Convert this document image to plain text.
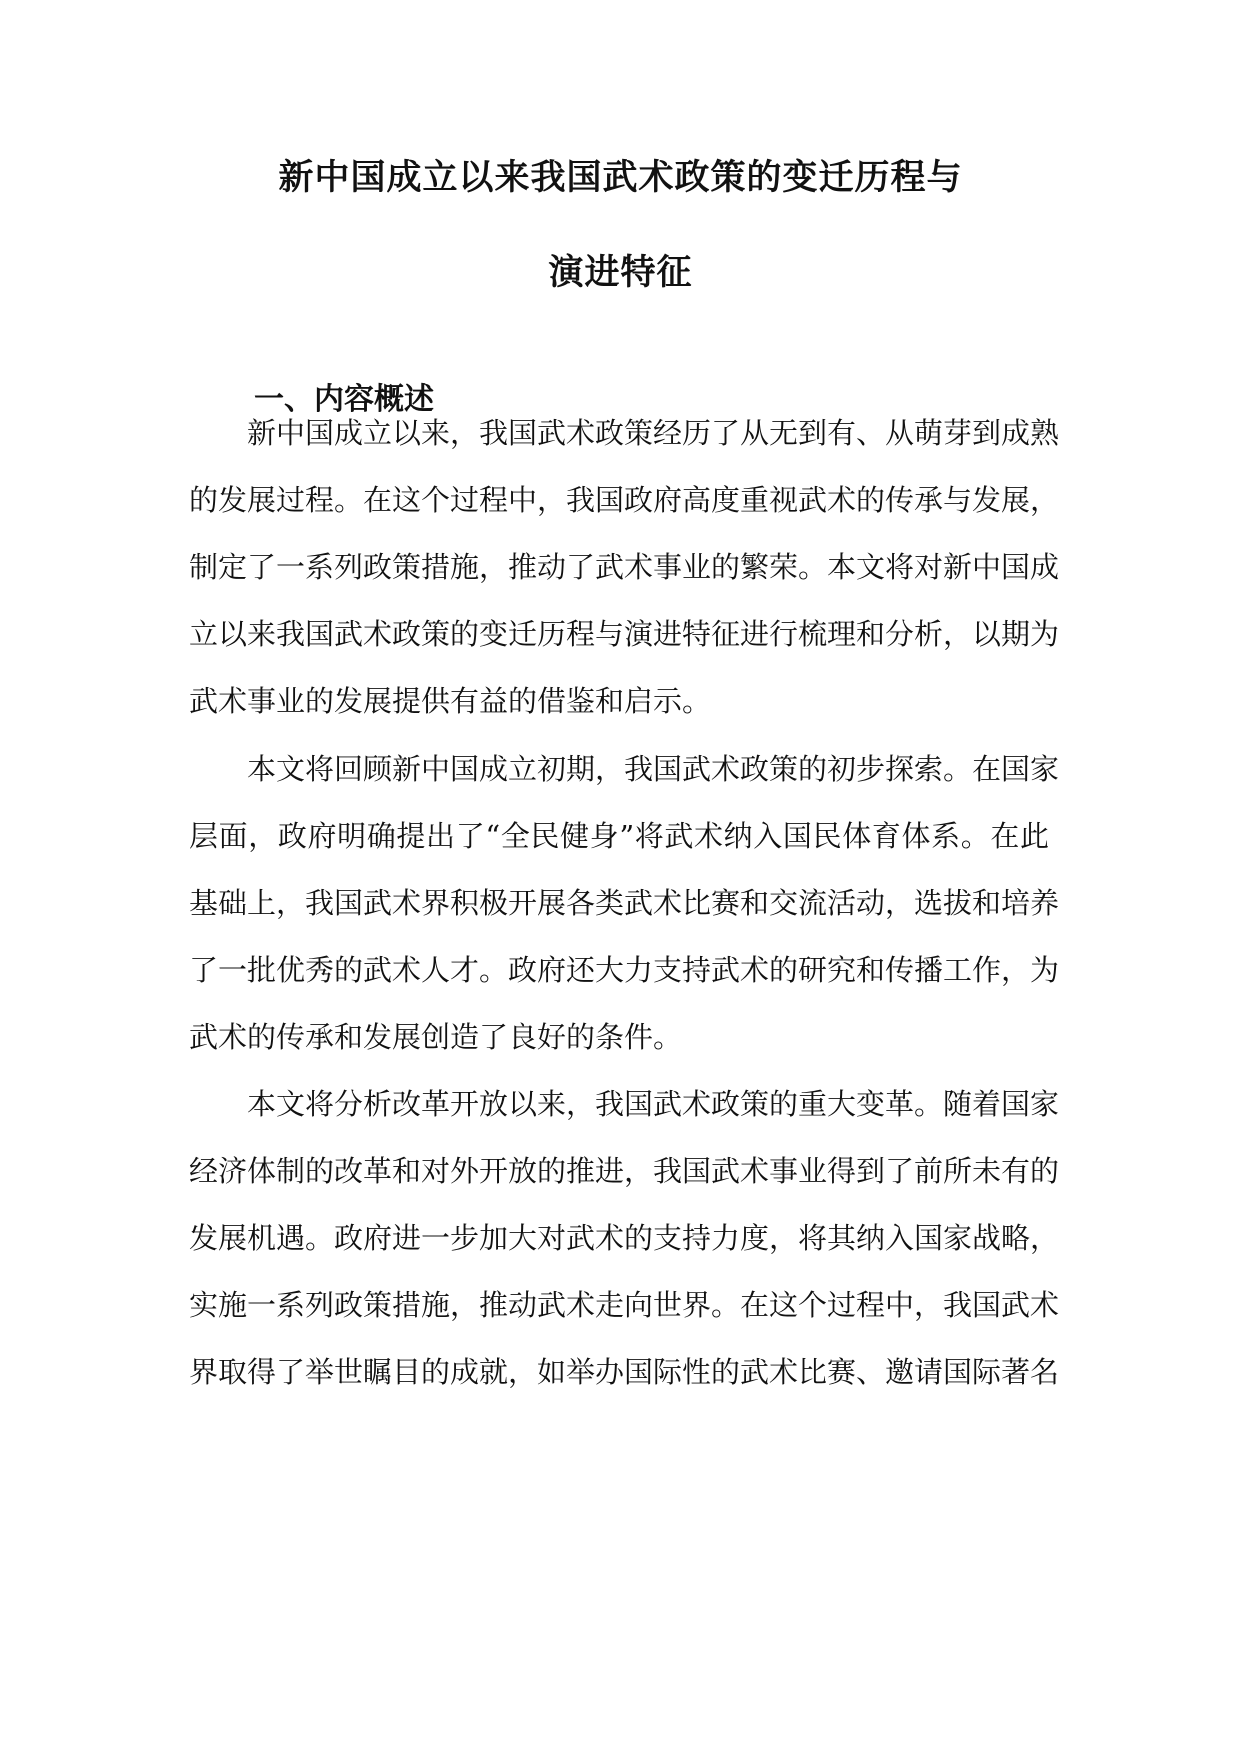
新中国成立以来我国武术政策的变迁历程与
演进特征
一、内容概述
新中国成立以来，我国武术政策经历了从无到有、从萌芽到成熟
的发展过程。在这个过程中，我国政府高度重视武术的传承与发展，
制定了一系列政策措施，推动了武术事业的繁荣。本文将对新中国成
立以来我国武术政策的变迁历程与演进特征进行梳理和分析，以期为
武术事业的发展提供有益的借鉴和启示。
本文将回顾新中国成立初期，我国武术政策的初步探索。在国家
层面，政府明确提出了“全民健身”将武术纳入国民体育体系。在此
基础上，我国武术界积极开展各类武术比赛和交流活动，选拔和培养
了一批优秀的武术人才。政府还大力支持武术的研究和传播工作，为
武术的传承和发展创造了良好的条件。
本文将分析改革开放以来，我国武术政策的重大变革。随着国家
经济体制的改革和对外开放的推进，我国武术事业得到了前所未有的
发展机遇。政府进一步加大对武术的支持力度，将其纳入国家战略，
实施一系列政策措施，推动武术走向世界。在这个过程中，我国武术
界取得了举世瞩目的成就，如举办国际性的武术比赛、邀请国际著名
